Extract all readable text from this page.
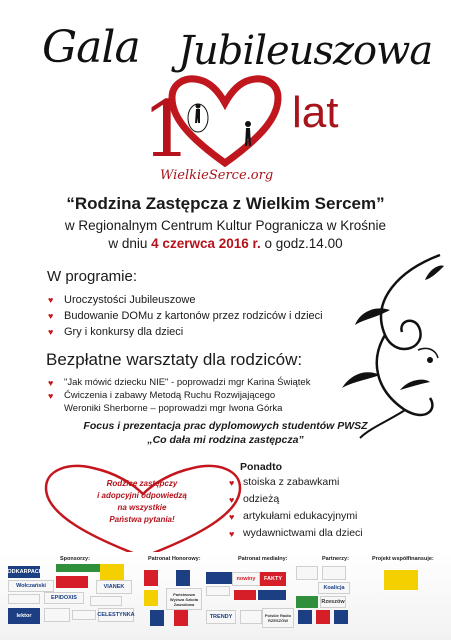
Gala Jubileuszowa
1 lat
WielkieSerce.org
“Rodzina Zastępcza z Wielkim Sercem”
w Regionalnym Centrum Kultur Pogranicza w Krośnie
w dniu 4 czerwca 2016 r. o godz.14.00
W programie:
♥ Uroczystości Jubileuszowe
♥ Budowanie DOMu z kartonów przez rodziców i dzieci
♥ Gry i konkursy dla dzieci
Bezpłatne warsztaty dla rodziców:
♥ "Jak mówić dziecku NIE" - poprowadzi mgr Karina Świątek
♥ Ćwiczenia i zabawy Metodą Ruchu Rozwijającego
Weroniki Sherborne – poprowadzi mgr Iwona Górka
Focus i prezentacja prac dyplomowych studentów PWSZ
„Co dała mi rodzina zastępcza”
Rodzice zastępczy
i adopcyjni odpowiedzą
na wszystkie
Państwa pytania!
Ponadto
♥ stoiska z zabawkami
♥ odzieżą
♥ artykułami edukacyjnymi
♥ wydawnictwami dla dzieci
Sponsorzy:	Patronat Honorowy:	Patronat medialny:	Partnerzy:	Projekt współfinansuje:
PODKARPACKI
Wołczański	VIANEK
EPIDOXIS
lektor	CELESTYNKA
Państwowa Wyższa Szkoła Zawodowa
nowiny	FAKTY
TRENDY	Polskie Radio RZESZÓW
Koalicja
Rzeszów
